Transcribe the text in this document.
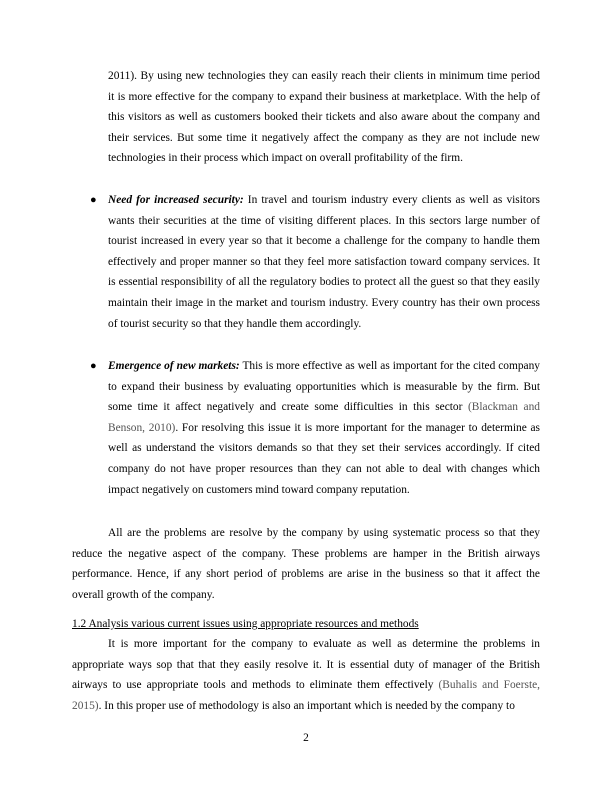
2011). By using new technologies they can easily reach their clients in minimum time period it is more effective for the company to expand their business at marketplace. With the help of this visitors as well as customers booked their tickets and also aware about the company and their services. But some time it negatively affect the company as they are not include new technologies in their process which impact on overall profitability of the firm.

● Need for increased security: In travel and tourism industry every clients as well as visitors wants their securities at the time of visiting different places. In this sectors large number of tourist increased in every year so that it become a challenge for the company to handle them effectively and proper manner so that they feel more satisfaction toward company services. It is essential responsibility of all the regulatory bodies to protect all the guest so that they easily maintain their image in the market and tourism industry. Every country has their own process of tourist security so that they handle them accordingly.

● Emergence of new markets: This is more effective as well as important for the cited company to expand their business by evaluating opportunities which is measurable by the firm. But some time it affect negatively and create some difficulties in this sector (Blackman and Benson, 2010). For resolving this issue it is more important for the manager to determine as well as understand the visitors demands so that they set their services accordingly. If cited company do not have proper resources than they can not able to deal with changes which impact negatively on customers mind toward company reputation.

All are the problems are resolve by the company by using systematic process so that they reduce the negative aspect of the company. These problems are hamper in the British airways performance. Hence, if any short period of problems are arise in the business so that it affect the overall growth of the company.

1.2 Analysis various current issues using appropriate resources and methods

It is more important for the company to evaluate as well as determine the problems in appropriate ways sop that that they easily resolve it. It is essential duty of manager of the British airways to use appropriate tools and methods to eliminate them effectively (Buhalis and Foerste, 2015). In this proper use of methodology is also an important which is needed by the company to

2
